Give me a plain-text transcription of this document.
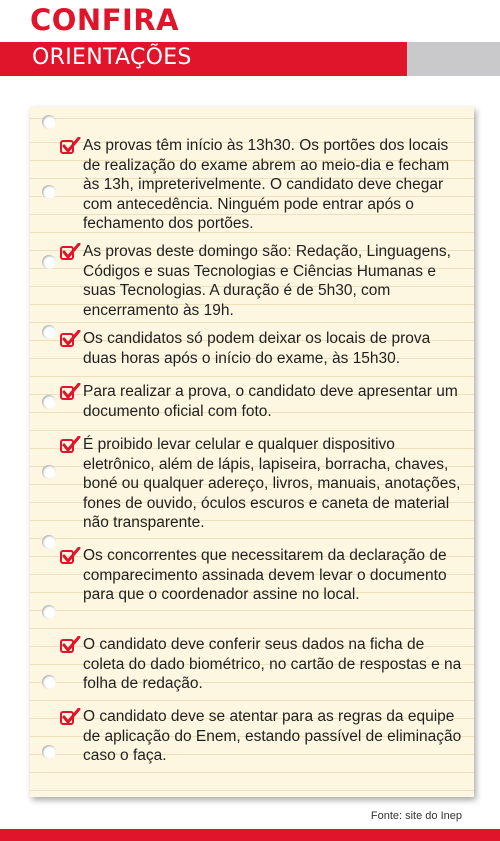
CONFIRA
ORIENTAÇÕES
As provas têm início às 13h30. Os portões dos locais de realização do exame abrem ao meio-dia e fecham às 13h, impreterivelmente. O candidato deve chegar com antecedência. Ninguém pode entrar após o fechamento dos portões.
As provas deste domingo são: Redação, Linguagens, Códigos e suas Tecnologias e Ciências Humanas e suas Tecnologias. A duração é de 5h30, com encerramento às 19h.
Os candidatos só podem deixar os locais de prova duas horas após o início do exame, às 15h30.
Para realizar a prova, o candidato deve apresentar um documento oficial com foto.
É proibido levar celular e qualquer dispositivo eletrônico, além de lápis, lapiseira, borracha, chaves, boné ou qualquer adereço, livros, manuais, anotações, fones de ouvido, óculos escuros e caneta de material não transparente.
Os concorrentes que necessitarem da declaração de comparecimento assinada devem levar o documento para que o coordenador assine no local.
O candidato deve conferir seus dados na ficha de coleta do dado biométrico, no cartão de respostas e na folha de redação.
O candidato deve se atentar para as regras da equipe de aplicação do Enem, estando passível de eliminação caso o faça.
Fonte: site do Inep
